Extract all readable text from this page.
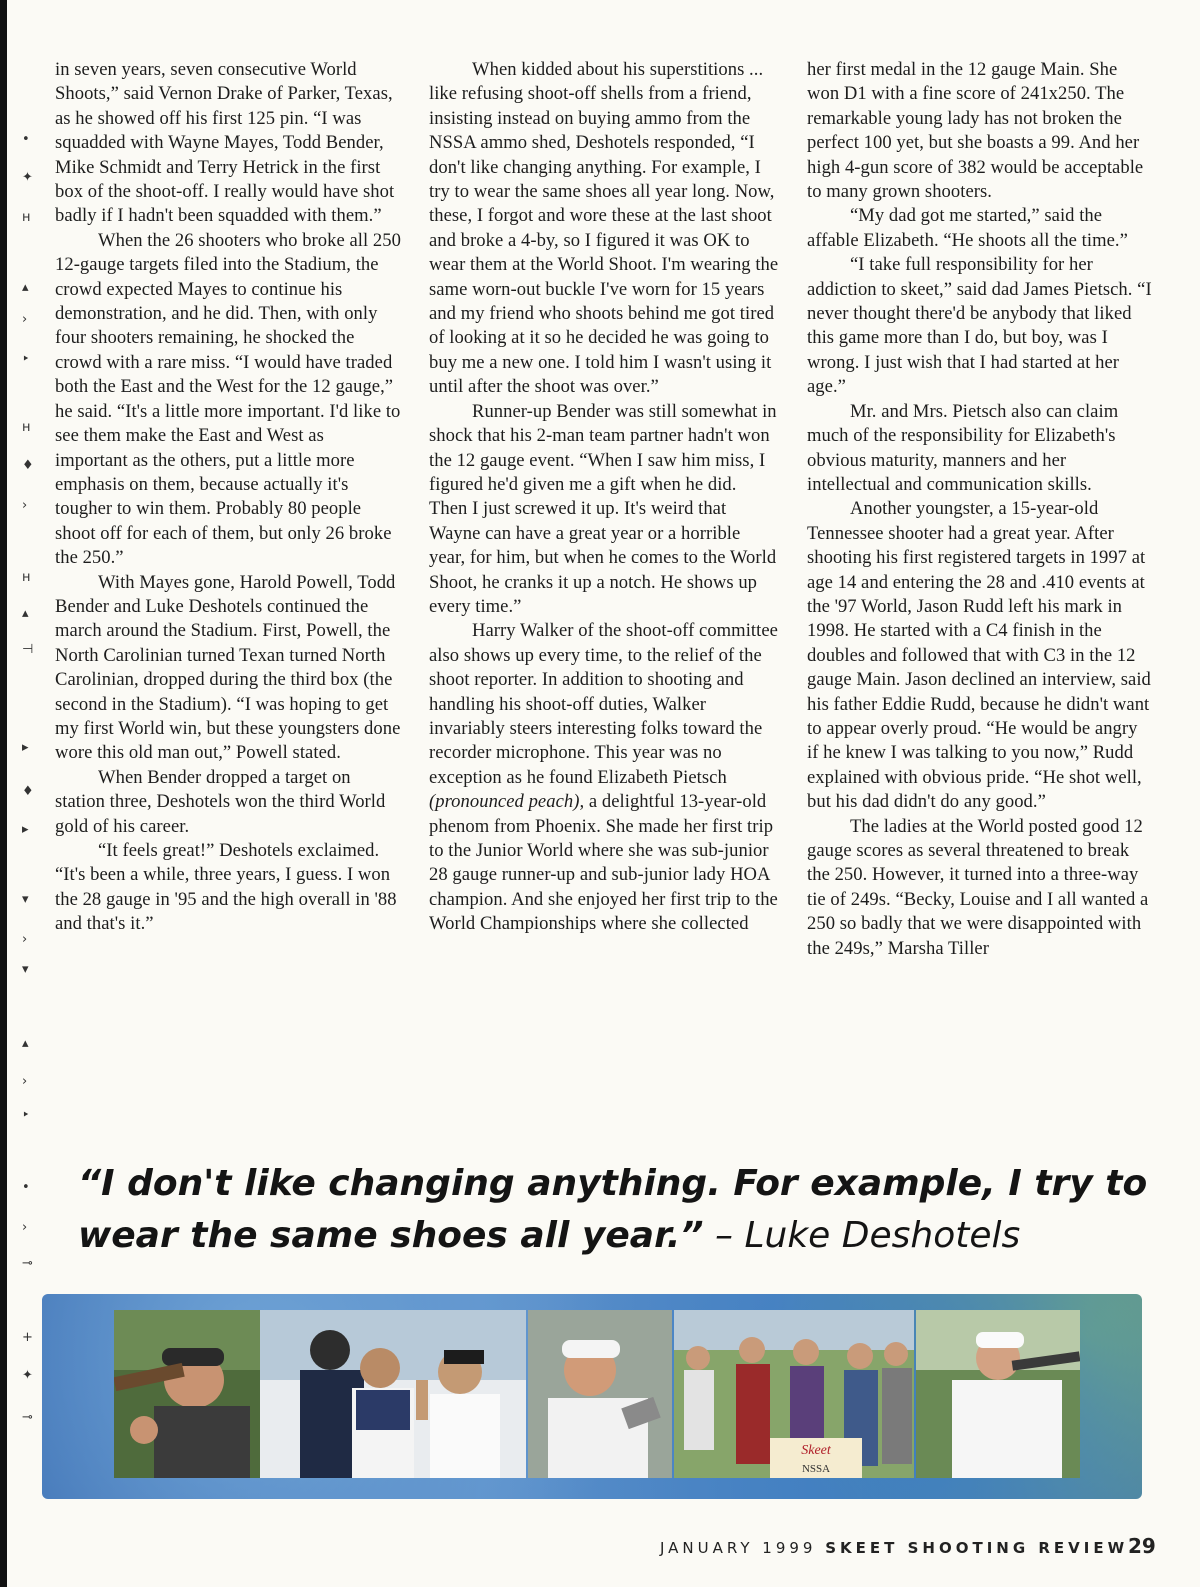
•
✦
н
▴
›
‣
н
♦
›
н
▴
⊣
▸
♦
▸
▾
›
▾
▴
›
‣
•
›
⊸
+
✦
⊸

in seven years, seven consecutive World Shoots,” said Vernon Drake of Parker, Texas, as he showed off his first 125 pin. “I was squadded with Wayne Mayes, Todd Bender, Mike Schmidt and Terry Hetrick in the first box of the shoot-off. I really would have shot badly if I hadn't been squadded with them.”

When the 26 shooters who broke all 250 12-gauge targets filed into the Stadium, the crowd expected Mayes to continue his demonstration, and he did. Then, with only four shooters remaining, he shocked the crowd with a rare miss. “I would have traded both the East and the West for the 12 gauge,” he said. “It's a little more important. I'd like to see them make the East and West as important as the others, put a little more emphasis on them, because actually it's tougher to win them. Probably 80 people shoot off for each of them, but only 26 broke the 250.”

With Mayes gone, Harold Powell, Todd Bender and Luke Deshotels continued the march around the Stadium. First, Powell, the North Carolinian turned Texan turned North Carolinian, dropped during the third box (the second in the Stadium). “I was hoping to get my first World win, but these youngsters done wore this old man out,” Powell stated.

When Bender dropped a target on station three, Deshotels won the third World gold of his career.

“It feels great!” Deshotels exclaimed. “It's been a while, three years, I guess. I won the 28 gauge in '95 and the high overall in '88 and that's it.”

When kidded about his superstitions ... like refusing shoot-off shells from a friend, insisting instead on buying ammo from the NSSA ammo shed, Deshotels responded, “I don't like changing anything. For example, I try to wear the same shoes all year long. Now, these, I forgot and wore these at the last shoot and broke a 4-by, so I figured it was OK to wear them at the World Shoot. I'm wearing the same worn-out buckle I've worn for 15 years and my friend who shoots behind me got tired of looking at it so he decided he was going to buy me a new one. I told him I wasn't using it until after the shoot was over.”

Runner-up Bender was still somewhat in shock that his 2-man team partner hadn't won the 12 gauge event. “When I saw him miss, I figured he'd given me a gift when he did. Then I just screwed it up. It's weird that Wayne can have a great year or a horrible year, for him, but when he comes to the World Shoot, he cranks it up a notch. He shows up every time.”

Harry Walker of the shoot-off committee also shows up every time, to the relief of the shoot reporter. In addition to shooting and handling his shoot-off duties, Walker invariably steers interesting folks toward the recorder microphone. This year was no exception as he found Elizabeth Pietsch (pronounced peach), a delightful 13-year-old phenom from Phoenix. She made her first trip to the Junior World where she was sub-junior 28 gauge runner-up and sub-junior lady HOA champion. And she enjoyed her first trip to the World Championships where she collected

her first medal in the 12 gauge Main. She won D1 with a fine score of 241x250. The remarkable young lady has not broken the perfect 100 yet, but she boasts a 99. And her high 4-gun score of 382 would be acceptable to many grown shooters.

“My dad got me started,” said the affable Elizabeth. “He shoots all the time.”

“I take full responsibility for her addiction to skeet,” said dad James Pietsch. “I never thought there'd be anybody that liked this game more than I do, but boy, was I wrong. I just wish that I had started at her age.”

Mr. and Mrs. Pietsch also can claim much of the responsibility for Elizabeth's obvious maturity, manners and her intellectual and communication skills.

Another youngster, a 15-year-old Tennessee shooter had a great year. After shooting his first registered targets in 1997 at age 14 and entering the 28 and .410 events at the '97 World, Jason Rudd left his mark in 1998. He started with a C4 finish in the doubles and followed that with C3 in the 12 gauge Main. Jason declined an interview, said his father Eddie Rudd, because he didn't want to appear overly proud. “He would be angry if he knew I was talking to you now,” Rudd explained with obvious pride. “He shot well, but his dad didn't do any good.”

The ladies at the World posted good 12 gauge scores as several threatened to break the 250. However, it turned into a three-way tie of 249s. “Becky, Louise and I all wanted a 250 so badly that we were disappointed with the 249s,” Marsha Tiller

“I don't like changing anything. For example, I try to wear the same shoes all year.” – Luke Deshotels
Skeet
NSSA
JANUARY 1999 SKEET SHOOTING REVIEW 29
